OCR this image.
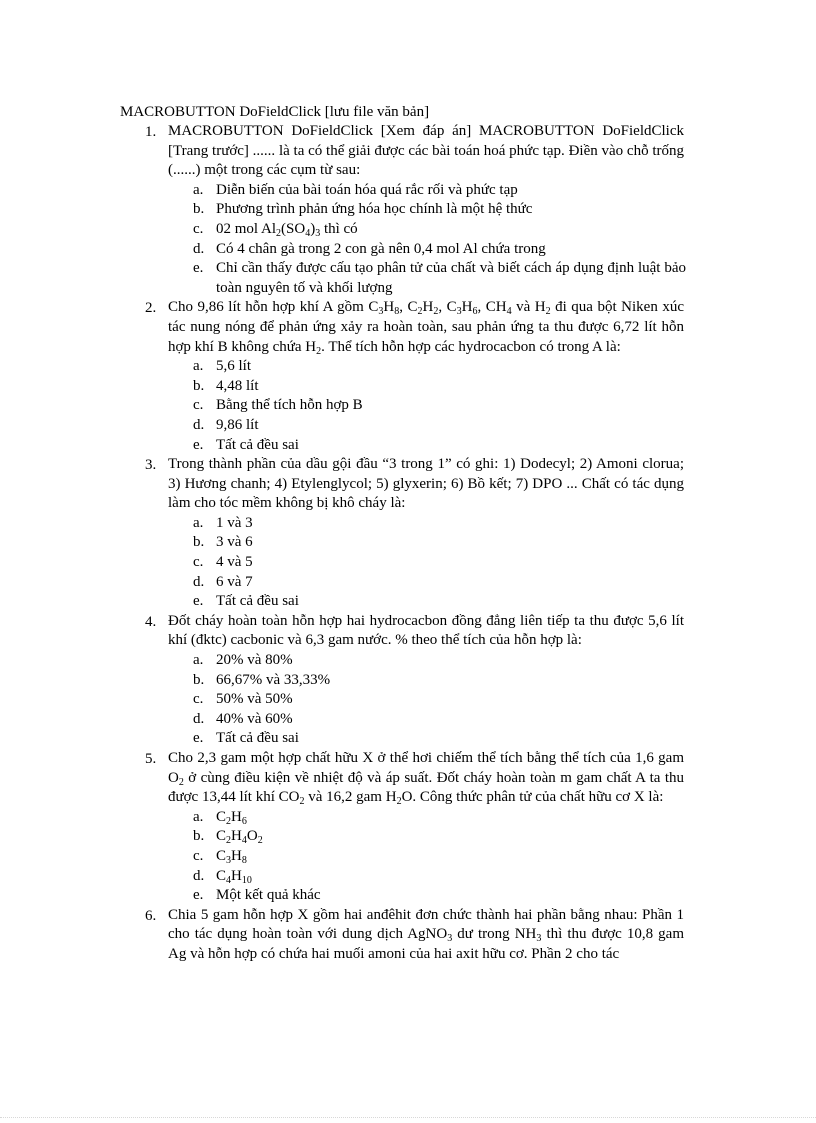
MACROBUTTON DoFieldClick [lưu file văn bản]
1. MACROBUTTON DoFieldClick [Xem đáp án] MACROBUTTON DoFieldClick [Trang trước] ...... là ta có thể giải được các bài toán hoá phức tạp. Điền vào chỗ trống (......) một trong các cụm từ sau:
a. Diễn biến của bài toán hóa quá rắc rối và phức tạp
b. Phương trình phản ứng hóa học chính là một hệ thức
c. 02 mol $Al_2(SO_4)_3$ thì có
d. Có 4 chân gà trong 2 con gà nên 0,4 mol Al chứa trong
e. Chỉ cần thấy được cấu tạo phân tử của chất và biết cách áp dụng định luật bảo toàn nguyên tố và khối lượng
2. Cho 9,86 lít hỗn hợp khí A gồm $C_3H_8$, $C_2H_2$, $C_3H_6$, $CH_4$ và $H_2$ đi qua bột Niken xúc tác nung nóng để phản ứng xảy ra hoàn toàn, sau phản ứng ta thu được 6,72 lít hỗn hợp khí B không chứa $H_2$. Thể tích hỗn hợp các hydrocacbon có trong A là:
a. 5,6 lít
b. 4,48 lít
c. Bằng thể tích hỗn hợp B
d. 9,86 lít
e. Tất cả đều sai
3. Trong thành phần của dầu gội đầu “3 trong 1” có ghi: 1) Dodecyl; 2) Amoni clorua; 3) Hương chanh; 4) Etylenglycol; 5) glyxerin; 6) Bồ kết; 7) DPO ... Chất có tác dụng làm cho tóc mềm không bị khô cháy là:
a. 1 và 3
b. 3 và 6
c. 4 và 5
d. 6 và 7
e. Tất cả đều sai
4. Đốt cháy hoàn toàn hỗn hợp hai hydrocacbon đồng đẳng liên tiếp ta thu được 5,6 lít khí (đktc) cacbonic và 6,3 gam nước. % theo thể tích của hỗn hợp là:
a. 20% và 80%
b. 66,67% và 33,33%
c. 50% và 50%
d. 40% và 60%
e. Tất cả đều sai
5. Cho 2,3 gam một hợp chất hữu X ở thể hơi chiếm thể tích bằng thể tích của 1,6 gam $O_2$ ở cùng điều kiện về nhiệt độ và áp suất. Đốt cháy hoàn toàn m gam chất A ta thu được 13,44 lít khí $CO_2$ và 16,2 gam $H_2O$. Công thức phân tử của chất hữu cơ X là:
a. $C_2H_6$
b. $C_2H_4O_2$
c. $C_3H_8$
d. $C_4H_{10}$
e. Một kết quả khác
6. Chia 5 gam hỗn hợp X gồm hai anđêhit đơn chức thành hai phần bằng nhau: Phần 1 cho tác dụng hoàn toàn với dung dịch AgNO$_3$ dư trong $NH_3$ thì thu được 10,8 gam Ag và hỗn hợp có chứa hai muối amoni của hai axit hữu cơ. Phần 2 cho tác
